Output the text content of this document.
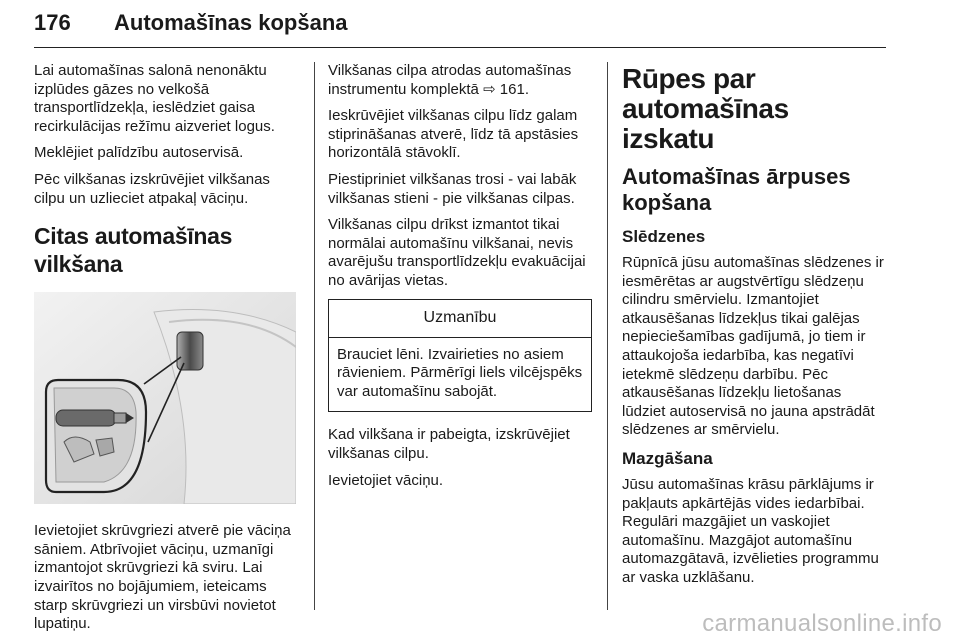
176 Automašīnas kopšana

Lai automašīnas salonā nenonāktu izplūdes gāzes no velkošā transportlīdzekļa, ieslēdziet gaisa recirkulācijas režīmu aizveriet logus.

Meklējiet palīdzību autoservisā.

Pēc vilkšanas izskrūvējiet vilkšanas cilpu un uzlieciet atpakaļ vāciņu.

Citas automašīnas vilkšana

Ievietojiet skrūvgriezi atverē pie vāciņa sāniem. Atbrīvojiet vāciņu, uzmanīgi izmantojot skrūvgriezi kā sviru. Lai izvairītos no bojājumiem, ieteicams starp skrūvgriezi un virsbūvi novietot lupatiņu.

Vilkšanas cilpa atrodas automašīnas instrumentu komplektā ⇨ 161.

Ieskrūvējiet vilkšanas cilpu līdz galam stiprināšanas atverē, līdz tā apstāsies horizontālā stāvoklī.

Piestipriniet vilkšanas trosi - vai labāk vilkšanas stieni - pie vilkšanas cilpas.

Vilkšanas cilpu drīkst izmantot tikai normālai automašīnu vilkšanai, nevis avarējušu transportlīdzekļu evakuācijai no avārijas vietas.

Uzmanību

Brauciet lēni. Izvairieties no asiem rāvieniem. Pārmērīgi liels vilcējspēks var automašīnu sabojāt.

Kad vilkšana ir pabeigta, izskrūvējiet vilkšanas cilpu.

Ievietojiet vāciņu.

Rūpes par automašīnas izskatu
Automašīnas ārpuses kopšana
Slēdzenes

Rūpnīcā jūsu automašīnas slēdzenes ir iesmērētas ar augstvērtīgu slēdzeņu cilindru smērvielu. Izmantojiet atkausēšanas līdzekļus tikai galējas nepieciešamības gadījumā, jo tiem ir attaukojoša iedarbība, kas negatīvi ietekmē slēdzeņu darbību. Pēc atkausēšanas līdzekļu lietošanas lūdziet autoservisā no jauna apstrādāt slēdzenes ar smērvielu.

Mazgāšana

Jūsu automašīnas krāsu pārklājums ir pakļauts apkārtējās vides iedarbībai. Regulāri mazgājiet un vaskojiet automašīnu. Mazgājot automašīnu automazgātavā, izvēlieties programmu ar vaska uzklāšanu.

carmanualsonline.info
